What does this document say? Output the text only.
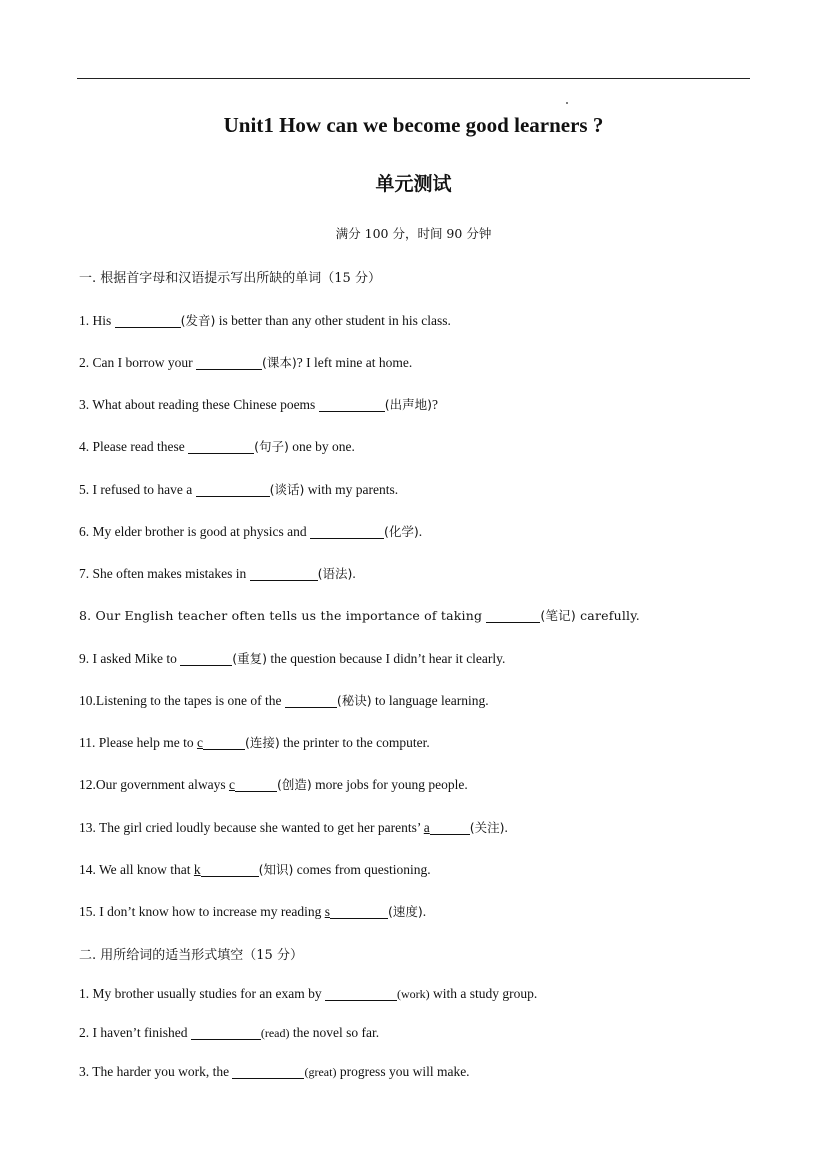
Unit1 How can we become good learners ?
单元测试
满分 100 分，时间 90 分钟
一. 根据首字母和汉语提示写出所缺的单词（15 分）
1. His	(发音) is better than any other student in his class.
2. Can I borrow your	(课本)? I left mine at home.
3. What about reading these Chinese poems	(出声地)?
4. Please read these	(句子) one by one.
5. I refused to have a	(谈话) with my parents.
6. My elder brother is good at physics and	(化学).
7. She often makes mistakes in	(语法).
8. Our English teacher often tells us the importance of taking	(笔记) carefully.
9. I asked Mike to	(重复) the question because I didn’t hear it clearly.
10.Listening to the tapes is one of the	(秘诀) to language learning.
11. Please help me to c	(连接) the printer to the computer.
12.Our government always c	(创造) more jobs for young people.
13. The girl cried loudly because she wanted to get her parents’ a	(关注).
14. We all know that k	(知识) comes from questioning.
15. I don’t know how to increase my reading s	(速度).
二. 用所给词的适当形式填空（15 分）
1. My brother usually studies for an exam by	(work) with a study group.
2. I haven’t finished	(read) the novel so far.
3. The harder you work, the	(great) progress you will make.
